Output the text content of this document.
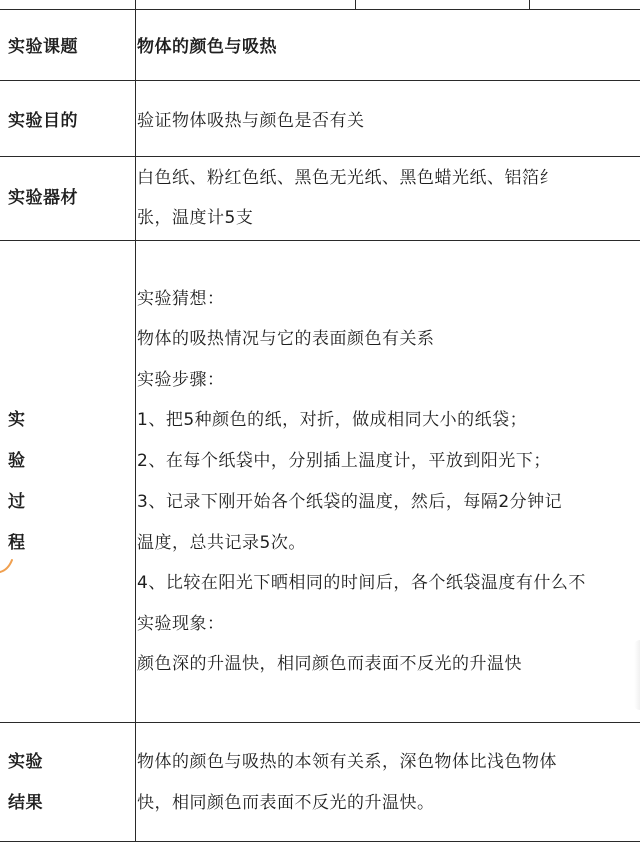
实验课题	物体的颜色与吸热
实验目的	验证物体吸热与颜色是否有关
实验器材
白色纸、粉红色纸、黑色无光纸、黑色蜡光纸、铝箔纟
张，温度计5支
实
验
过
程
实验猜想：
物体的吸热情况与它的表面颜色有关系
实验步骤：
1、把5种颜色的纸，对折，做成相同大小的纸袋；
2、在每个纸袋中，分别插上温度计，平放到阳光下；
3、记录下刚开始各个纸袋的温度，然后，每隔2分钟记
温度，总共记录5次。
4、比较在阳光下晒相同的时间后，各个纸袋温度有什么不
实验现象：
颜色深的升温快，相同颜色而表面不反光的升温快
实验
结果
物体的颜色与吸热的本领有关系，深色物体比浅色物体
快，相同颜色而表面不反光的升温快。
